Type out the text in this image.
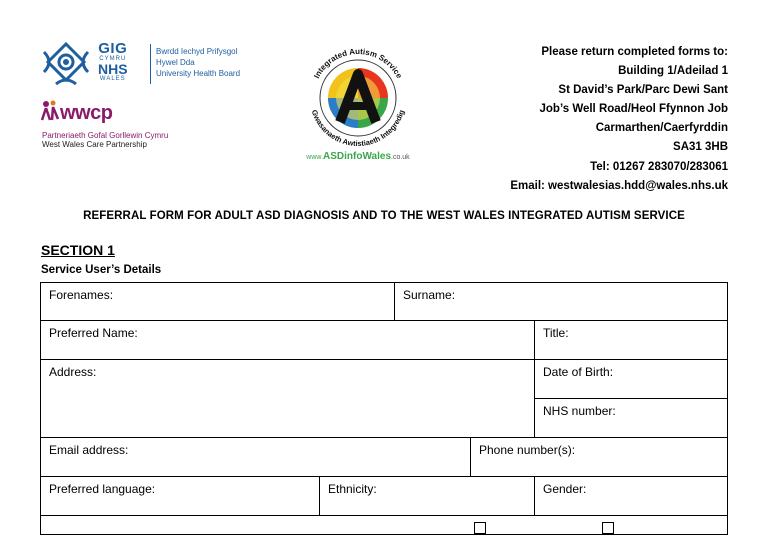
GIG
CYMRU
NHS
WALES
Bwrdd Iechyd Prifysgol
Hywel Dda
University Health Board
wwcp
Partneriaeth Gofal Gorllewin Cymru
West Wales Care Partnership
Integrated Autism Service
Gwasanaeth Awtistiaeth Integredig
www.ASDinfoWales.co.uk
Please return completed forms to:
Building 1/Adeilad 1
St David’s Park/Parc Dewi Sant
Job’s Well Road/Heol Ffynnon Job
Carmarthen/Caerfyrddin
SA31 3HB
Tel: 01267 283070/283061
Email: westwalesias.hdd@wales.nhs.uk
REFERRAL FORM FOR ADULT ASD DIAGNOSIS AND TO THE WEST WALES INTEGRATED AUTISM SERVICE
SECTION 1
Service User’s Details
Forenames:	Surname:
Preferred Name:	Title:
Address:	Date of Birth:
NHS number:
Email address:	Phone number(s):
Preferred language:	Ethnicity:	Gender:
